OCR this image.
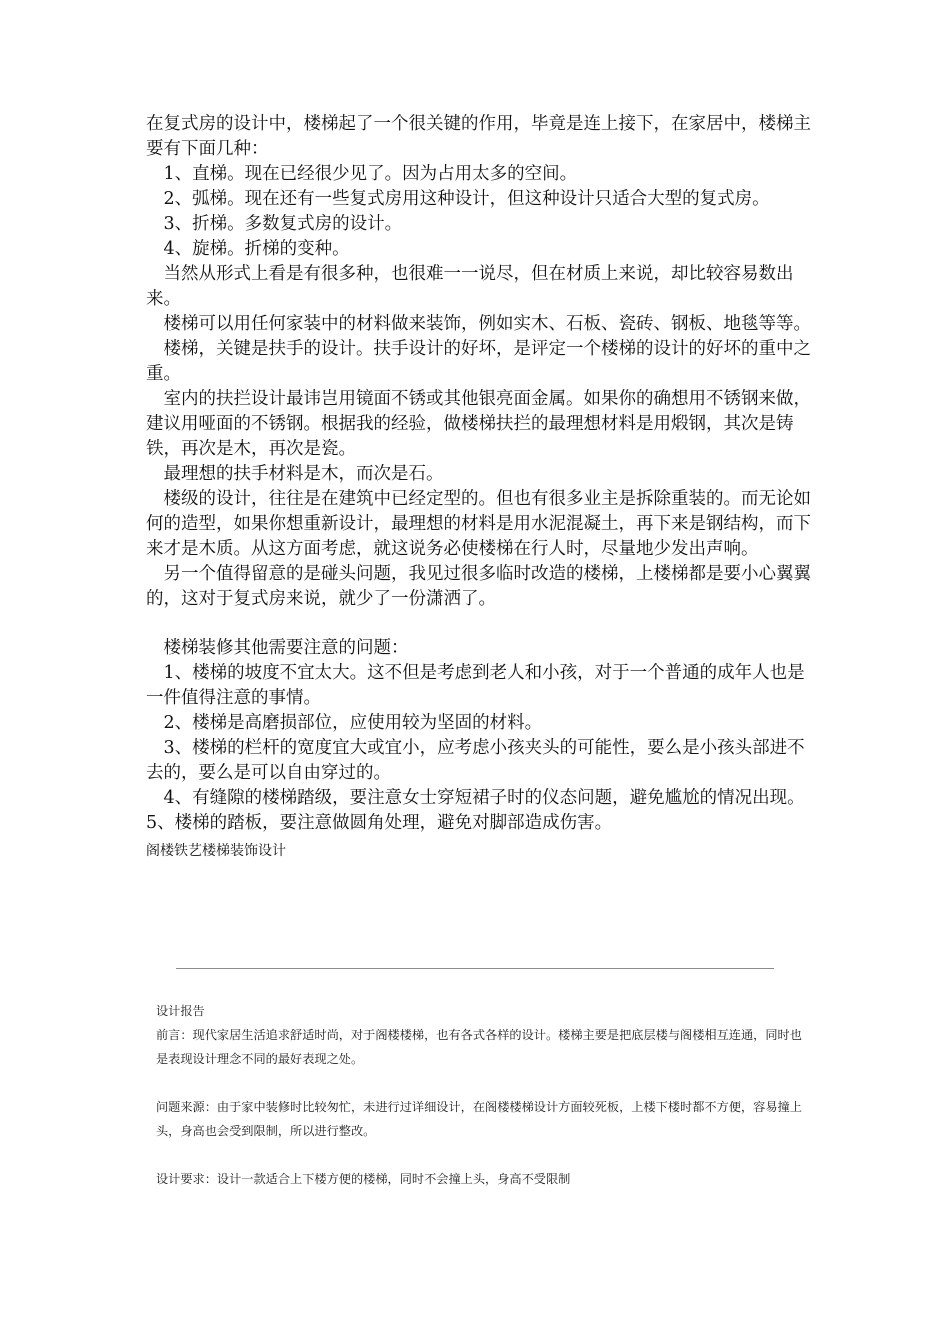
在复式房的设计中，楼梯起了一个很关键的作用，毕竟是连上接下，在家居中，楼梯主要有下面几种：

　1、直梯。现在已经很少见了。因为占用太多的空间。

　2、弧梯。现在还有一些复式房用这种设计，但这种设计只适合大型的复式房。

　3、折梯。多数复式房的设计。

　4、旋梯。折梯的变种。

　当然从形式上看是有很多种，也很难一一说尽，但在材质上来说，却比较容易数出来。

　楼梯可以用任何家装中的材料做来装饰，例如实木、石板、瓷砖、钢板、地毯等等。

　楼梯，关键是扶手的设计。扶手设计的好坏，是评定一个楼梯的设计的好坏的重中之重。

　室内的扶拦设计最讳岂用镜面不锈或其他银亮面金属。如果你的确想用不锈钢来做，建议用哑面的不锈钢。根据我的经验，做楼梯扶拦的最理想材料是用煅钢，其次是铸铁，再次是木，再次是瓷。

　最理想的扶手材料是木，而次是石。

　楼级的设计，往往是在建筑中已经定型的。但也有很多业主是拆除重装的。而无论如何的造型，如果你想重新设计，最理想的材料是用水泥混凝土，再下来是钢结构，而下来才是木质。从这方面考虑，就这说务必使楼梯在行人时，尽量地少发出声响。

　另一个值得留意的是碰头问题，我见过很多临时改造的楼梯，上楼梯都是要小心翼翼的，这对于复式房来说，就少了一份潇洒了。

　楼梯装修其他需要注意的问题：

　1、楼梯的坡度不宜太大。这不但是考虑到老人和小孩，对于一个普通的成年人也是一件值得注意的事情。

　2、楼梯是高磨损部位，应使用较为坚固的材料。

　3、楼梯的栏杆的宽度宜大或宜小，应考虑小孩夹头的可能性，要么是小孩头部进不去的，要么是可以自由穿过的。

　4、有缝隙的楼梯踏级，要注意女士穿短裙子时的仪态问题，避免尴尬的情况出现。

5、楼梯的踏板，要注意做圆角处理，避免对脚部造成伤害。

阁楼铁艺楼梯装饰设计

设计报告

前言：现代家居生活追求舒适时尚，对于阁楼楼梯，也有各式各样的设计。楼梯主要是把底层楼与阁楼相互连通，同时也是表现设计理念不同的最好表现之处。

问题来源：由于家中装修时比较匆忙，未进行过详细设计，在阁楼楼梯设计方面较死板，上楼下楼时都不方便，容易撞上头，身高也会受到限制，所以进行整改。

设计要求：设计一款适合上下楼方便的楼梯，同时不会撞上头，身高不受限制
